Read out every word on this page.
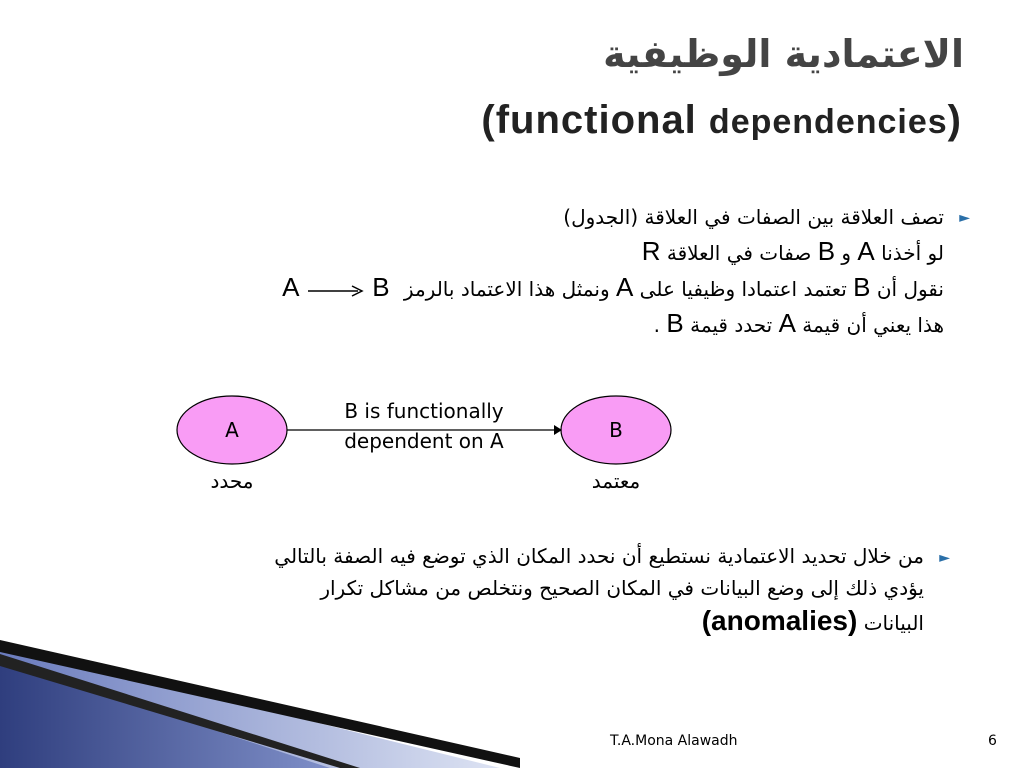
الاعتمادية الوظيفية
(functional dependencies)
►
تصف العلاقة بين الصفات في العلاقة (الجدول)
لو أخذنا A و B صفات في العلاقة R
نقول أن B تعتمد اعتمادا وظيفيا على A ونمثل هذا الاعتماد بالرمز A	B
هذا يعني أن قيمة A تحدد قيمة B .
A	B
B is functionally
dependent on A
محدد	معتمد
►
من خلال تحديد الاعتمادية نستطيع أن نحدد المكان الذي توضع فيه الصفة بالتالي
يؤدي ذلك إلى وضع البيانات في المكان الصحيح ونتخلص من مشاكل تكرار
البيانات (anomalies)
T.A.Mona Alawadh	6
